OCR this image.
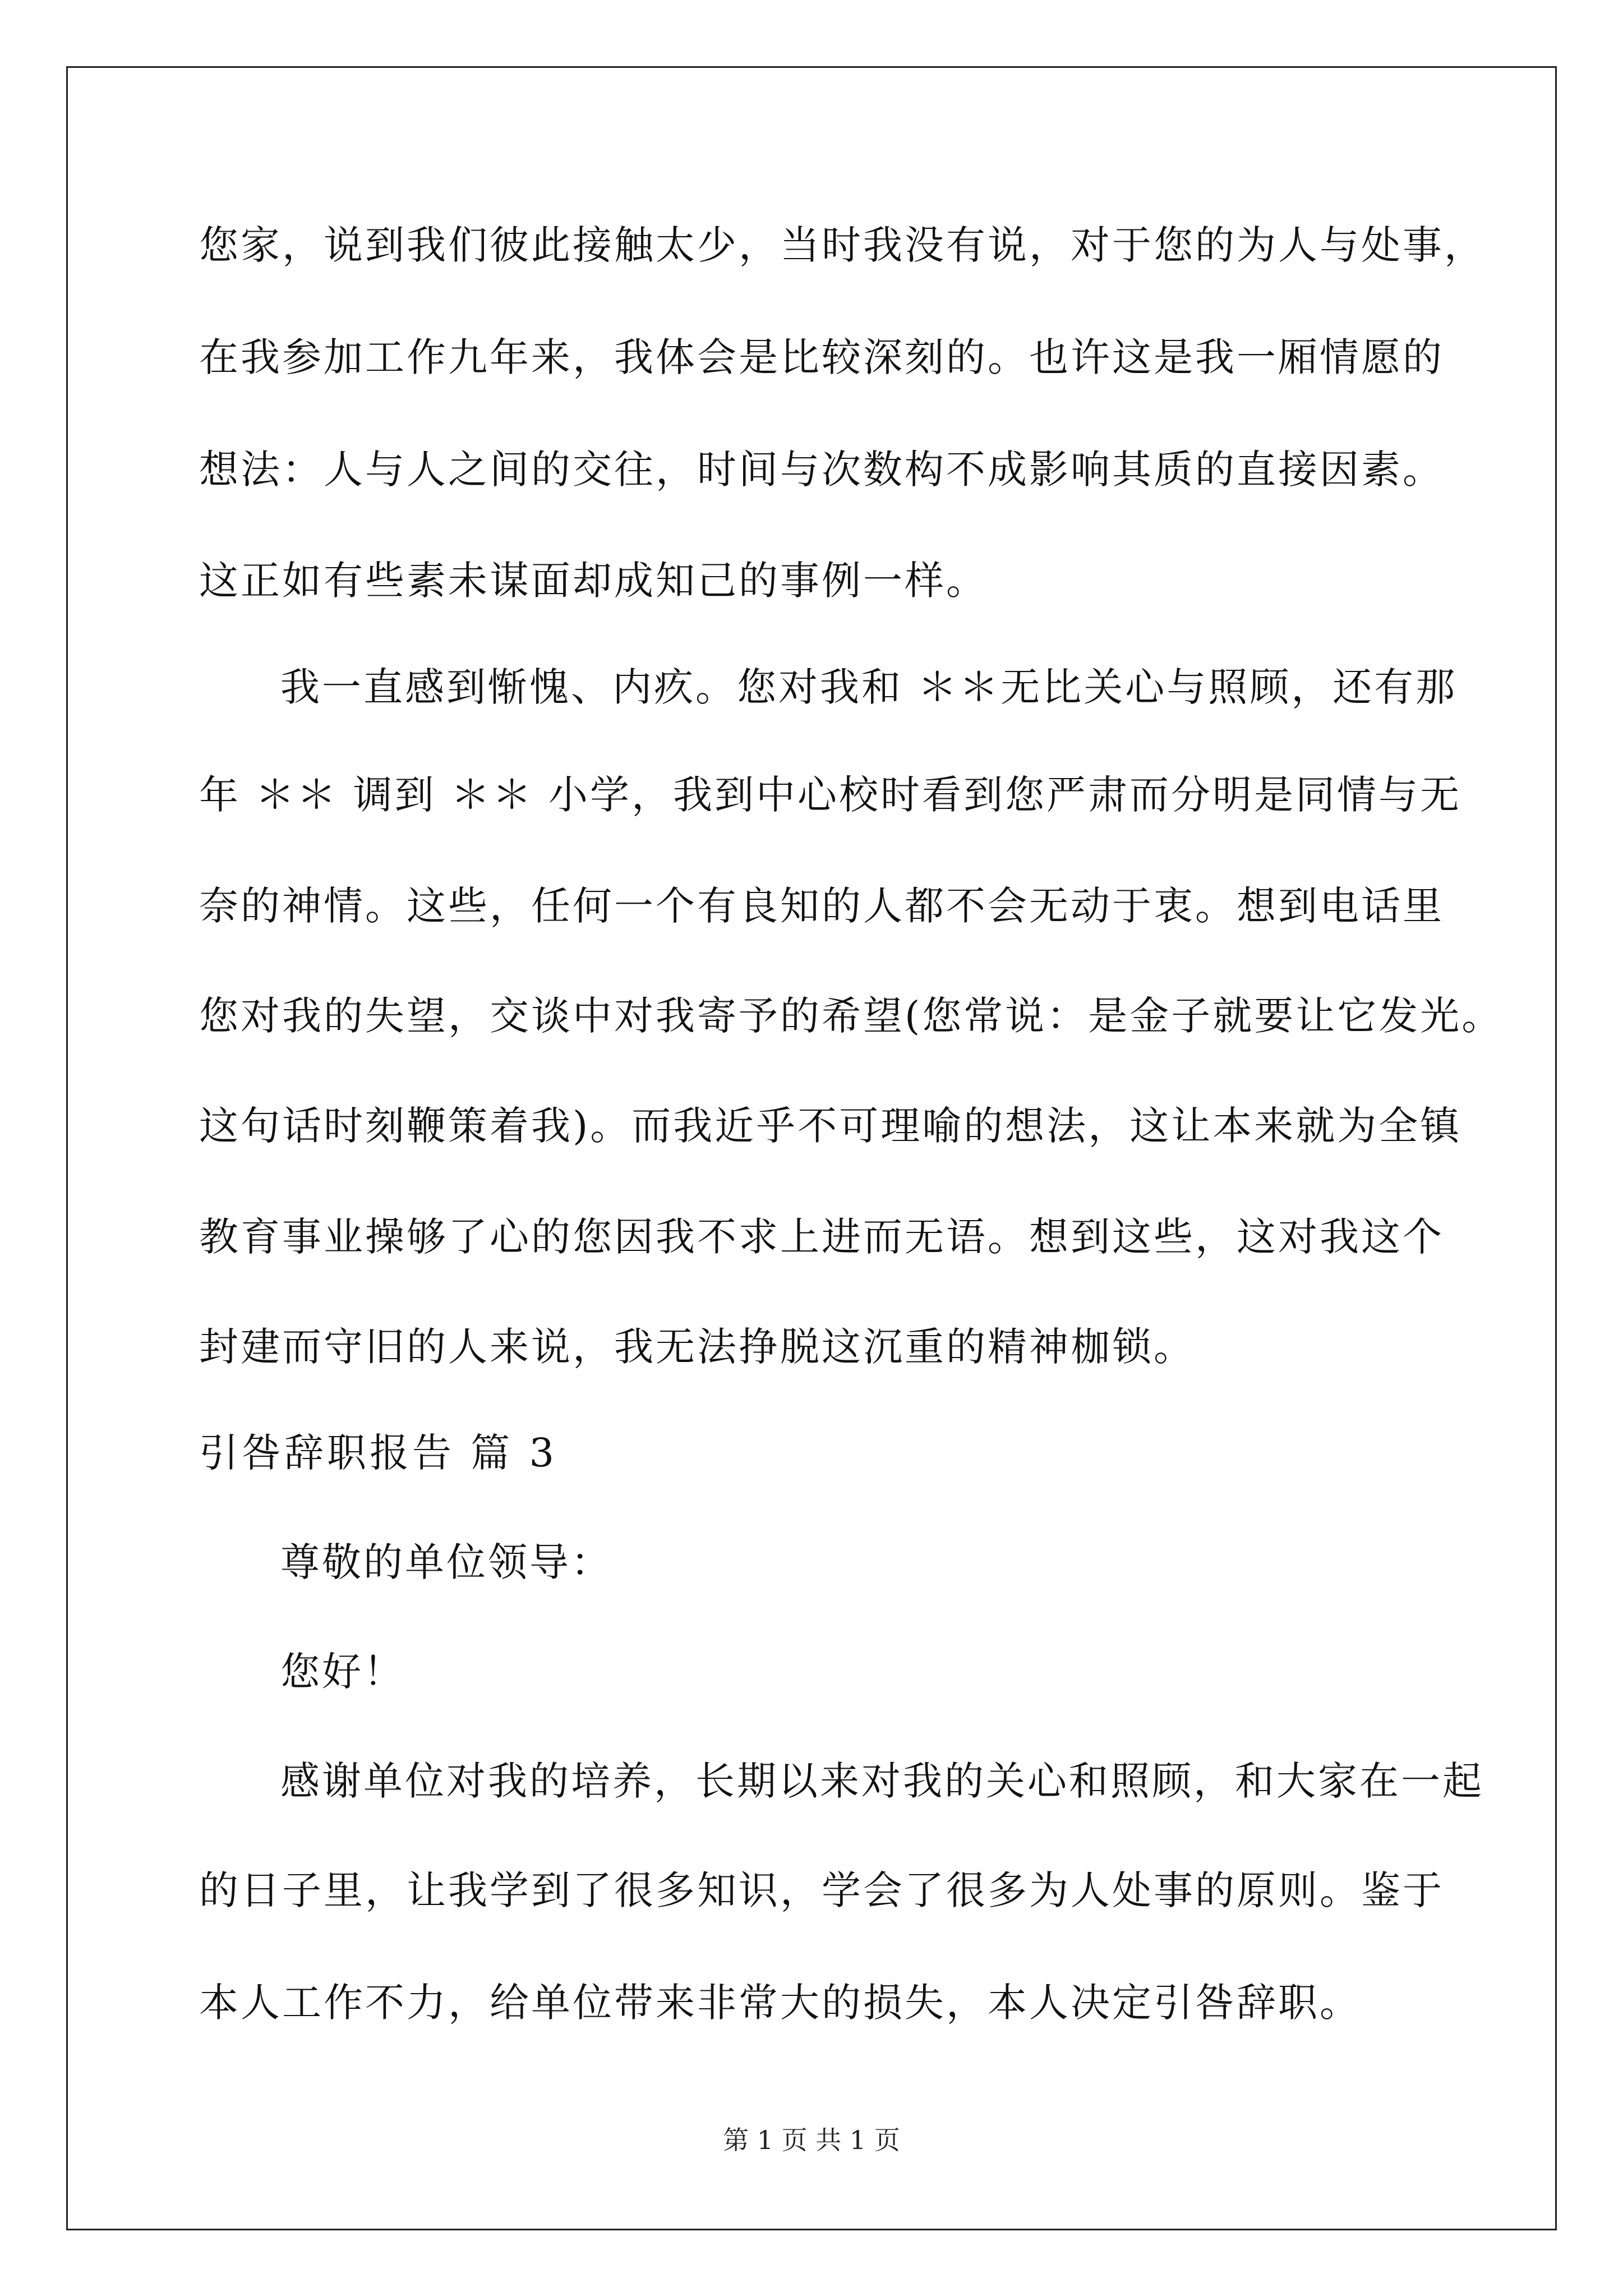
您家，说到我们彼此接触太少，当时我没有说，对于您的为人与处事，
在我参加工作九年来，我体会是比较深刻的。也许这是我一厢情愿的
想法：人与人之间的交往，时间与次数构不成影响其质的直接因素。
这正如有些素未谋面却成知己的事例一样。
我一直感到惭愧、内疚。您对我和 ＊＊无比关心与照顾，还有那
年 ＊＊ 调到 ＊＊ 小学，我到中心校时看到您严肃而分明是同情与无
奈的神情。这些，任何一个有良知的人都不会无动于衷。想到电话里
您对我的失望，交谈中对我寄予的希望(您常说：是金子就要让它发光。
这句话时刻鞭策着我)。而我近乎不可理喻的想法，这让本来就为全镇
教育事业操够了心的您因我不求上进而无语。想到这些，这对我这个
封建而守旧的人来说，我无法挣脱这沉重的精神枷锁。
引咎辞职报告 篇 3
尊敬的单位领导：
您好！
感谢单位对我的培养，长期以来对我的关心和照顾，和大家在一起
的日子里，让我学到了很多知识，学会了很多为人处事的原则。鉴于
本人工作不力，给单位带来非常大的损失，本人决定引咎辞职。
第 1 页 共 1 页
